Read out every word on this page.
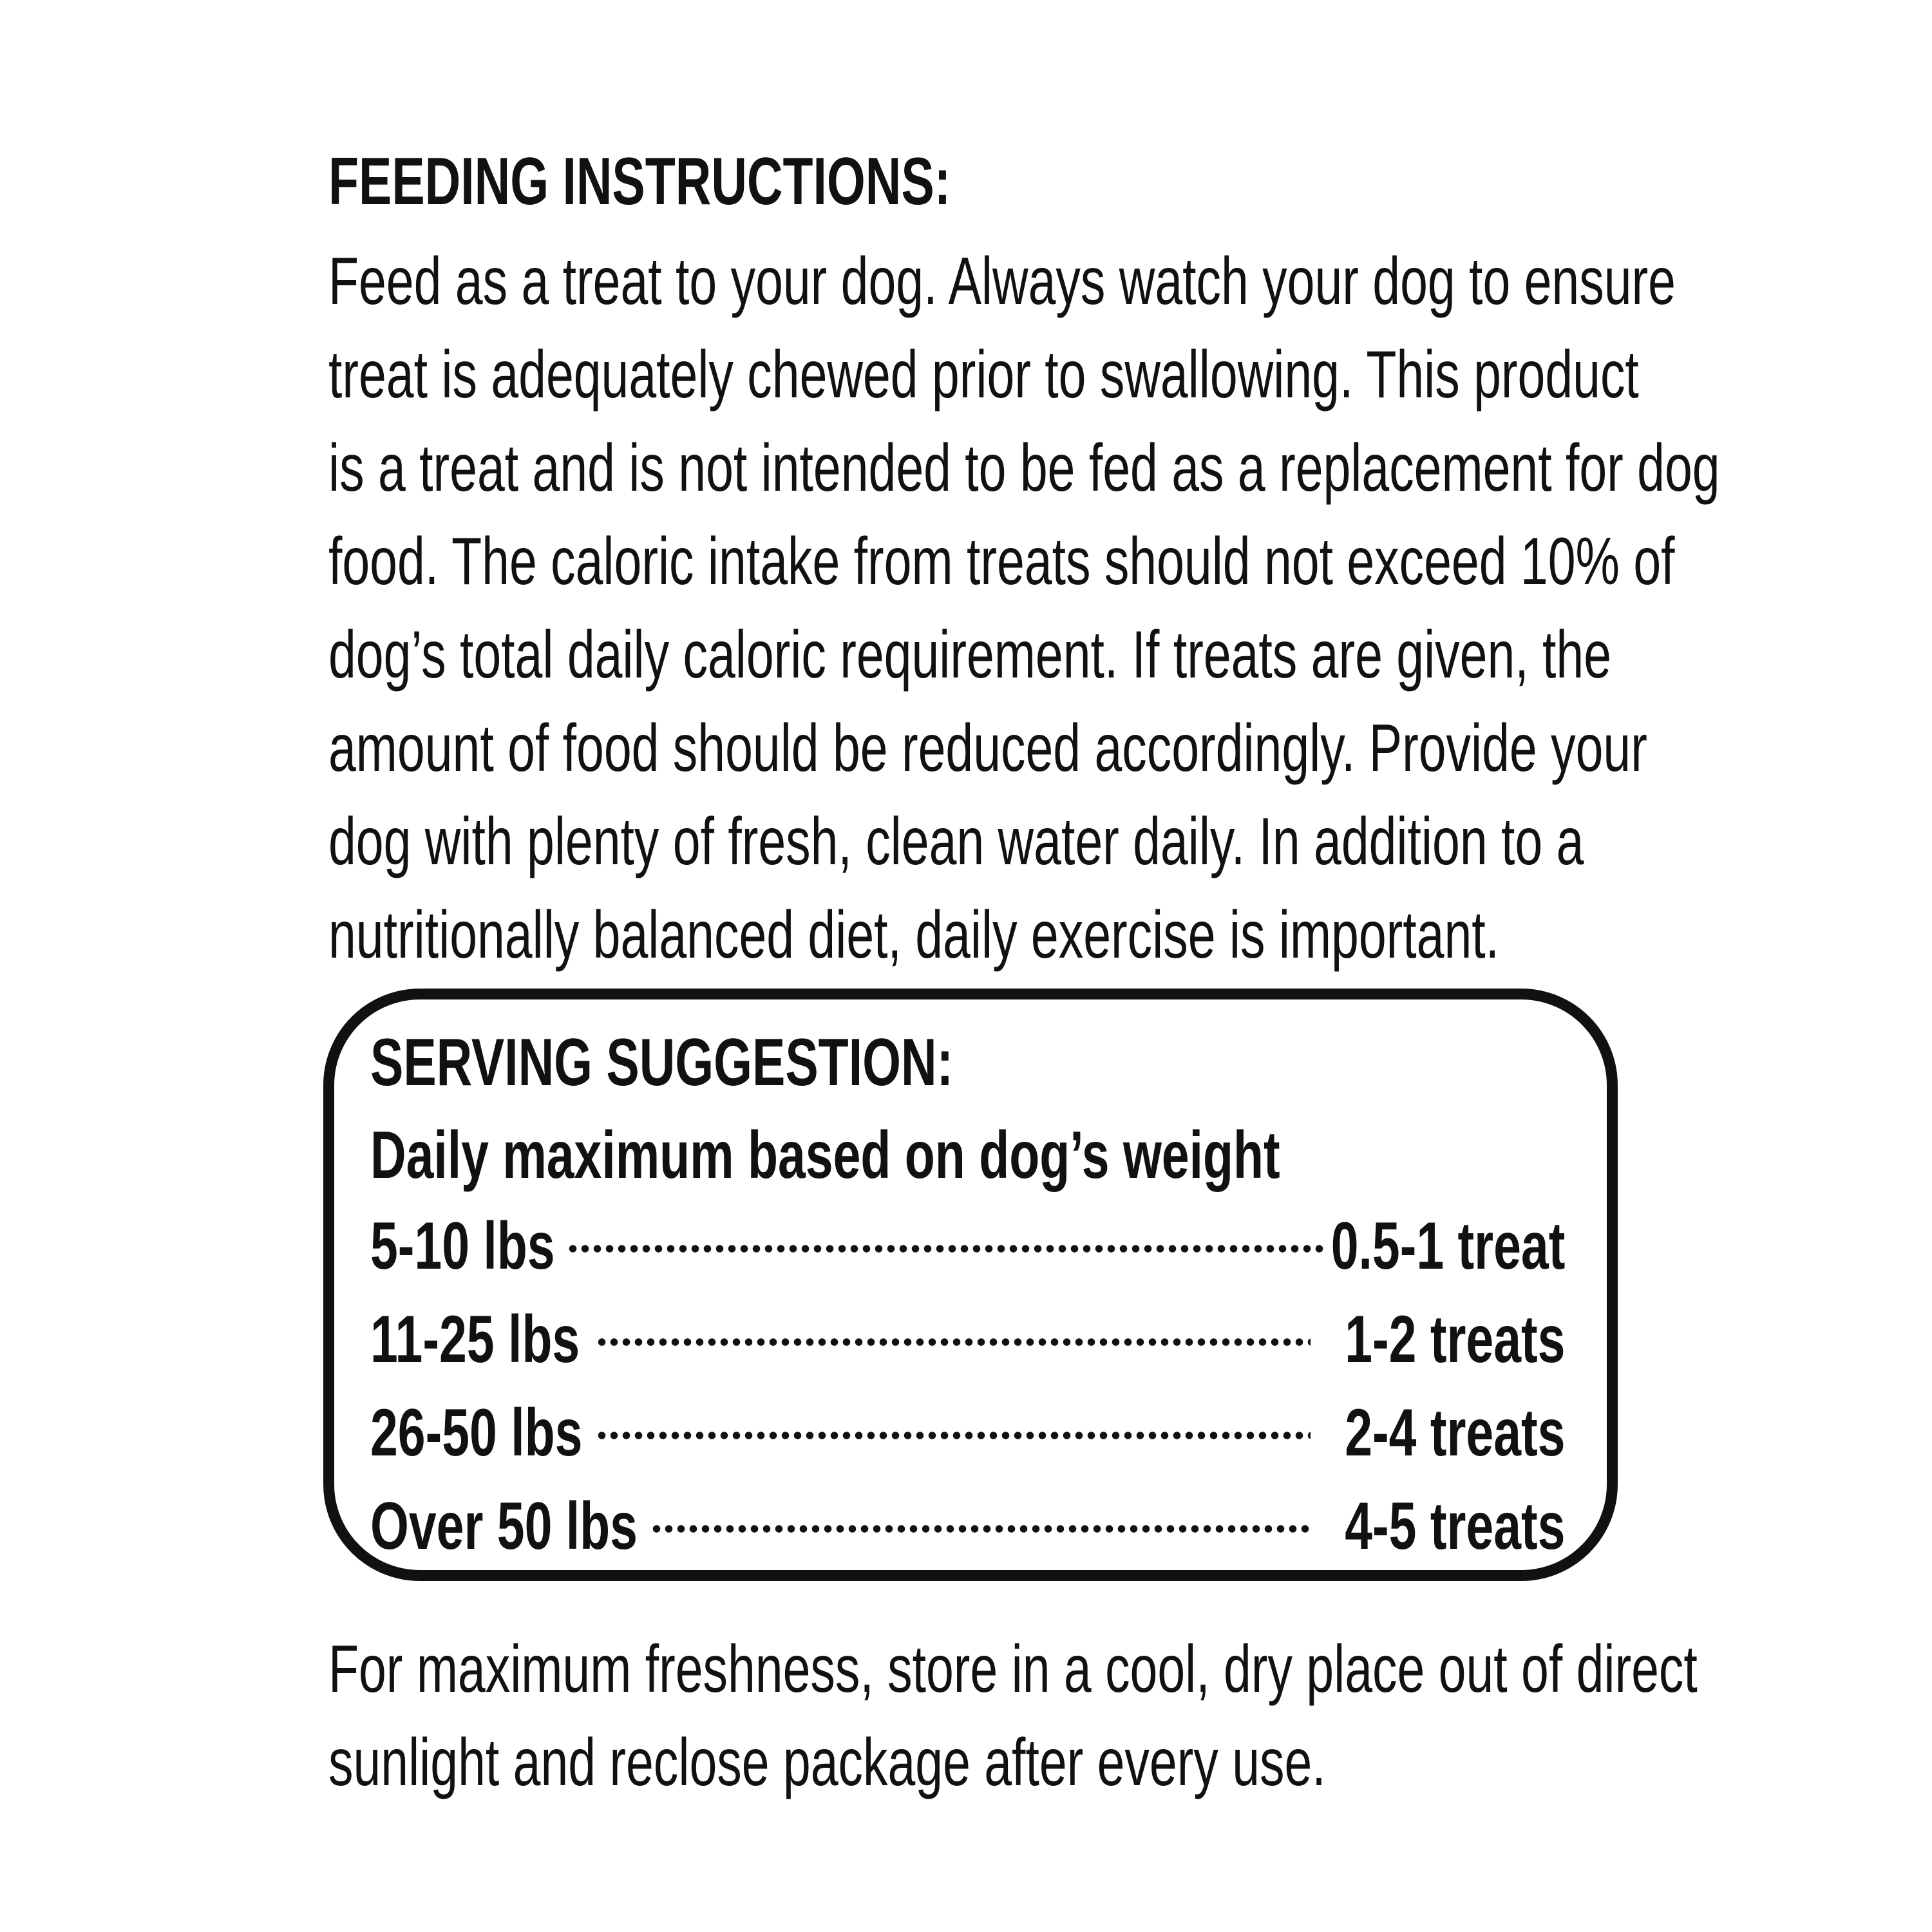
FEEDING INSTRUCTIONS:
Feed as a treat to your dog. Always watch your dog to ensure
treat is adequately chewed prior to swallowing. This product
is a treat and is not intended to be fed as a replacement for dog
food. The caloric intake from treats should not exceed 10% of
dog’s total daily caloric requirement. If treats are given, the
amount of food should be reduced accordingly. Provide your
dog with plenty of fresh, clean water daily. In addition to a
nutritionally balanced diet, daily exercise is important.
SERVING SUGGESTION:
Daily maximum based on dog’s weight
5-10 lbs	0.5-1 treat
11-25 lbs	1-2 treats
26-50 lbs	2-4 treats
Over 50 lbs	4-5 treats
For maximum freshness, store in a cool, dry place out of direct
sunlight and reclose package after every use.
